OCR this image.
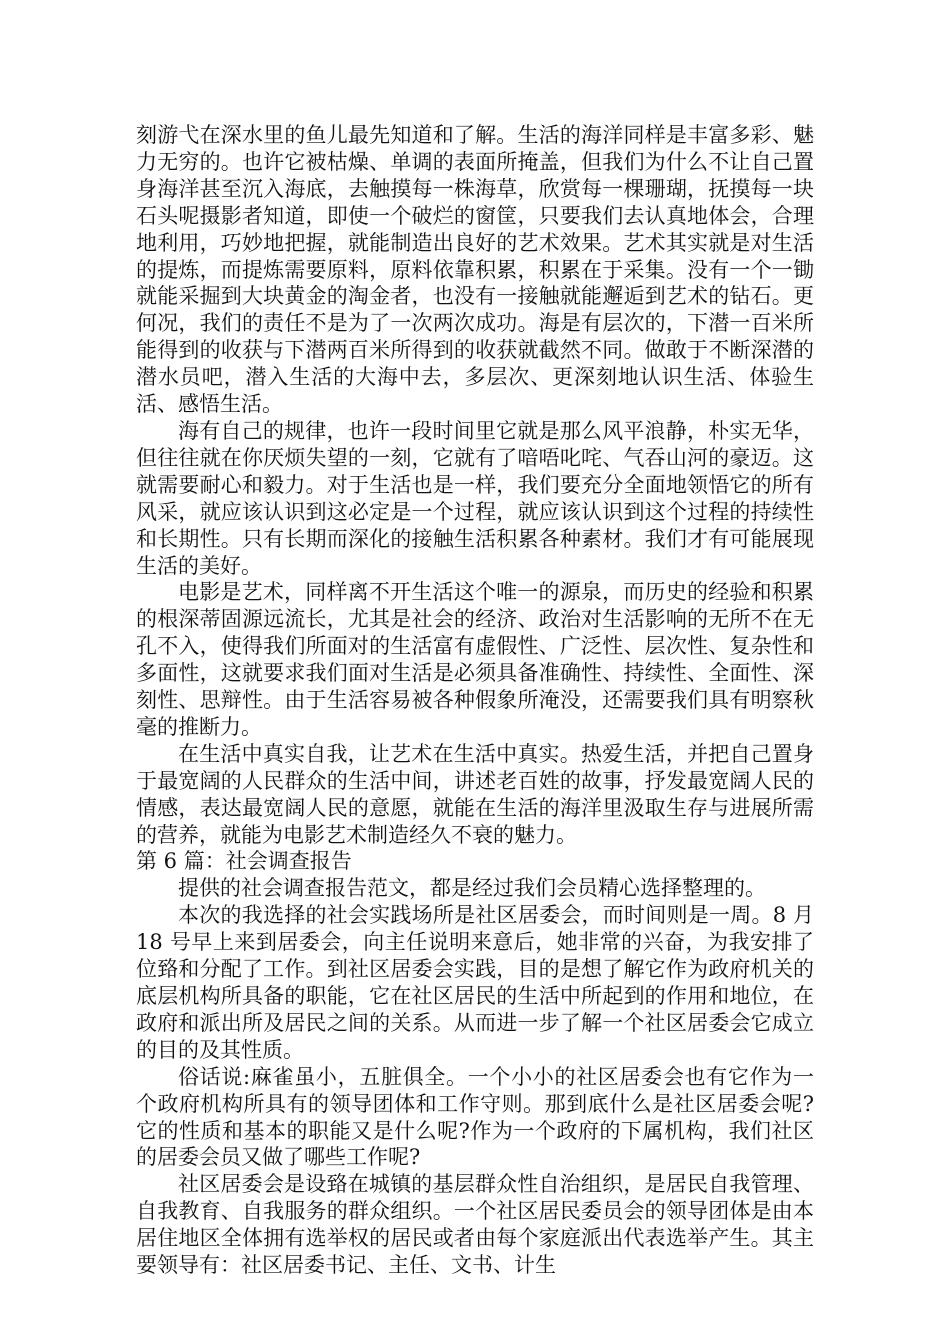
刻游弋在深水里的鱼儿最先知道和了解。生活的海洋同样是丰富多彩、魅力无穷的。也许它被枯燥、单调的表面所掩盖，但我们为什么不让自己置身海洋甚至沉入海底，去触摸每一株海草，欣赏每一棵珊瑚，抚摸每一块石头呢摄影者知道，即使一个破烂的窗筐，只要我们去认真地体会，合理地利用，巧妙地把握，就能制造出良好的艺术效果。艺术其实就是对生活的提炼，而提炼需要原料，原料依靠积累，积累在于采集。没有一个一锄就能采掘到大块黄金的淘金者，也没有一接触就能邂逅到艺术的钻石。更何况，我们的责任不是为了一次两次成功。海是有层次的，下潜一百米所能得到的收获与下潜两百米所得到的收获就截然不同。做敢于不断深潜的潜水员吧，潜入生活的大海中去，多层次、更深刻地认识生活、体验生活、感悟生活。

海有自己的规律，也许一段时间里它就是那么风平浪静，朴实无华，但往往就在你厌烦失望的一刻，它就有了喑唔叱咤、气吞山河的豪迈。这就需要耐心和毅力。对于生活也是一样，我们要充分全面地领悟它的所有风采，就应该认识到这必定是一个过程，就应该认识到这个过程的持续性和长期性。只有长期而深化的接触生活积累各种素材。我们才有可能展现生活的美好。

电影是艺术，同样离不开生活这个唯一的源泉，而历史的经验和积累的根深蒂固源远流长，尤其是社会的经济、政治对生活影响的无所不在无孔不入，使得我们所面对的生活富有虚假性、广泛性、层次性、复杂性和多面性，这就要求我们面对生活是必须具备准确性、持续性、全面性、深刻性、思辩性。由于生活容易被各种假象所淹没，还需要我们具有明察秋毫的推断力。

在生活中真实自我，让艺术在生活中真实。热爱生活，并把自己置身于最宽阔的人民群众的生活中间，讲述老百姓的故事，抒发最宽阔人民的情感，表达最宽阔人民的意愿，就能在生活的海洋里汲取生存与进展所需的营养，就能为电影艺术制造经久不衰的魅力。

第 6 篇：社会调查报告

提供的社会调查报告范文，都是经过我们会员精心选择整理的。

本次的我选择的社会实践场所是社区居委会，而时间则是一周。8 月 18 号早上来到居委会，向主任说明来意后，她非常的兴奋，为我安排了位臵和分配了工作。到社区居委会实践，目的是想了解它作为政府机关的底层机构所具备的职能，它在社区居民的生活中所起到的作用和地位，在政府和派出所及居民之间的关系。从而进一步了解一个社区居委会它成立的目的及其性质。

俗话说:麻雀虽小，五脏俱全。一个小小的社区居委会也有它作为一个政府机构所具有的领导团体和工作守则。那到底什么是社区居委会呢?它的性质和基本的职能又是什么呢?作为一个政府的下属机构，我们社区的居委会员又做了哪些工作呢?

社区居委会是设臵在城镇的基层群众性自治组织，是居民自我管理、自我教育、自我服务的群众组织。一个社区居民委员会的领导团体是由本居住地区全体拥有选举权的居民或者由每个家庭派出代表选举产生。其主要领导有：社区居委书记、主任、文书、计生
